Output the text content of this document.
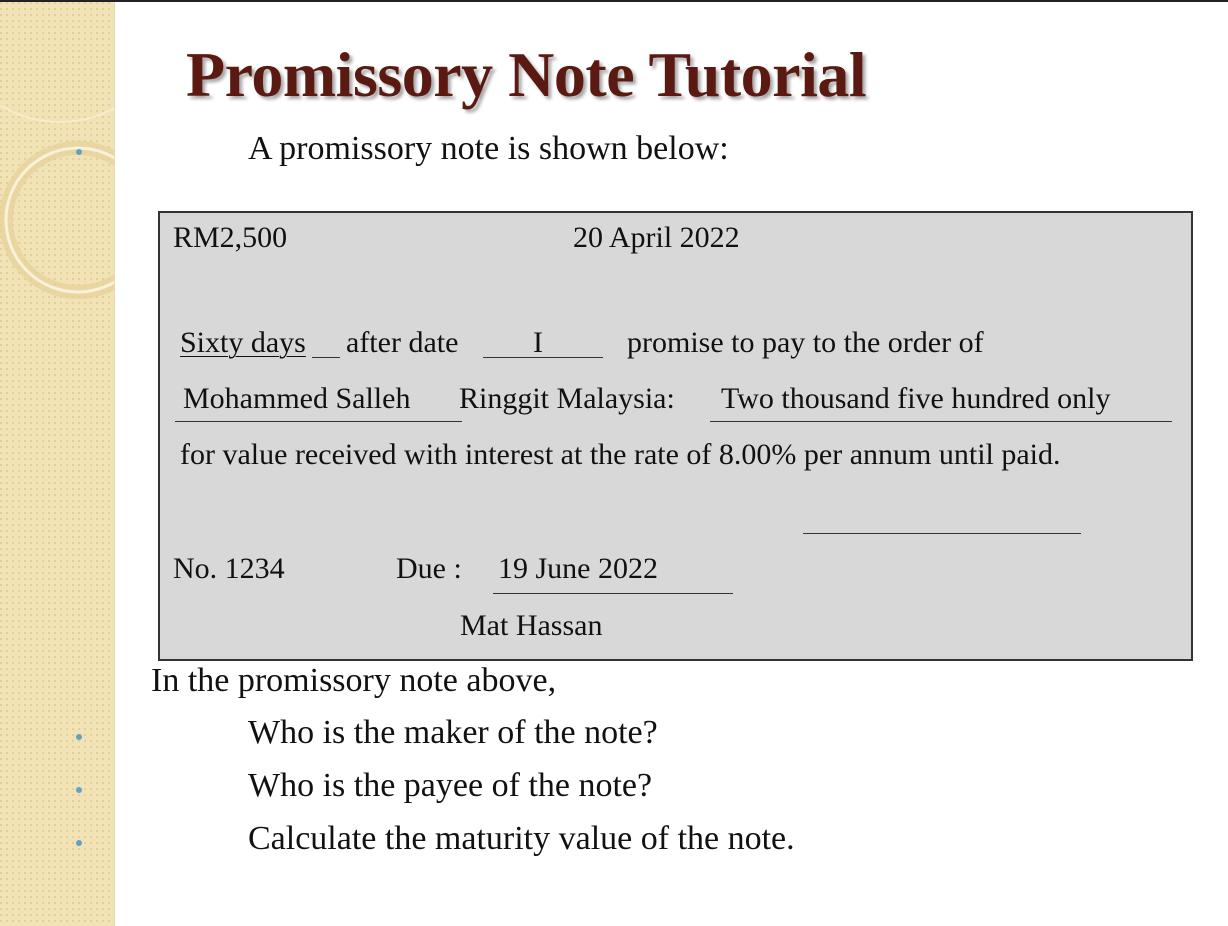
Promissory Note Tutorial
A promissory note is shown below:
RM2,500	20 April 2022
Sixty days after date I	promise to pay to the order of
Mohammed Salleh Ringgit Malaysia: Two thousand five hundred only
for value received with interest at the rate of 8.00% per annum until paid.
No. 1234	Due : 19 June 2022
Mat Hassan
In the promissory note above,
Who is the maker of the note?
Who is the payee of the note?
Calculate the maturity value of the note.
